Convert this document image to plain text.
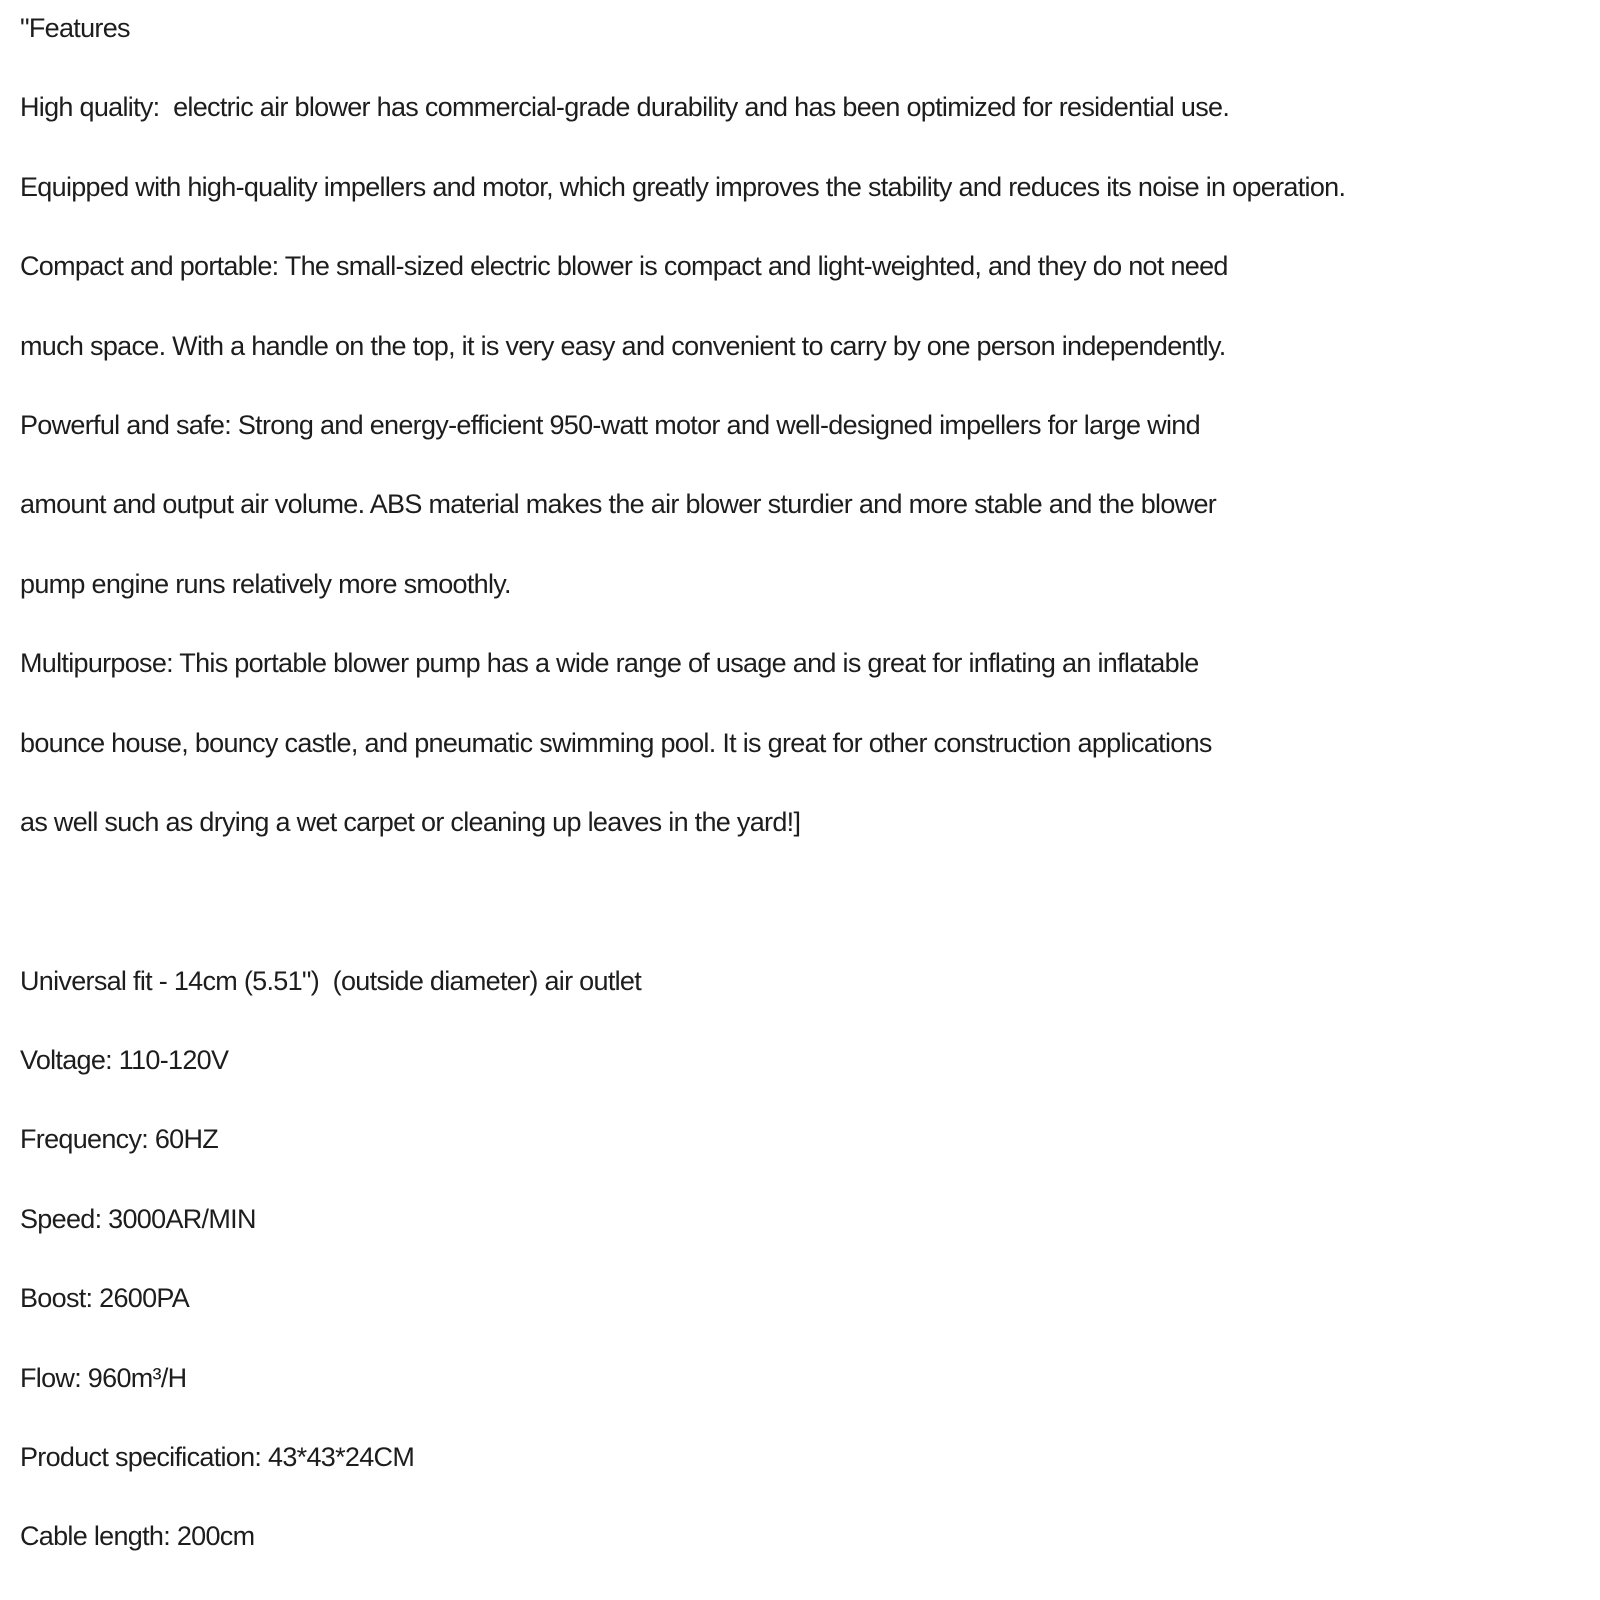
"Features

High quality:  electric air blower has commercial-grade durability and has been optimized for residential use.

Equipped with high-quality impellers and motor, which greatly improves the stability and reduces its noise in operation.

Compact and portable: The small-sized electric blower is compact and light-weighted, and they do not need

much space. With a handle on the top, it is very easy and convenient to carry by one person independently.

Powerful and safe: Strong and energy-efficient 950-watt motor and well-designed impellers for large wind

amount and output air volume. ABS material makes the air blower sturdier and more stable and the blower

pump engine runs relatively more smoothly.

Multipurpose: This portable blower pump has a wide range of usage and is great for inflating an inflatable

bounce house, bouncy castle, and pneumatic swimming pool. It is great for other construction applications

as well such as drying a wet carpet or cleaning up leaves in the yard!]

Universal fit - 14cm (5.51")  (outside diameter) air outlet

Voltage: 110-120V

Frequency: 60HZ

Speed: 3000AR/MIN

Boost: 2600PA

Flow: 960m³/H

Product specification: 43*43*24CM

Cable length: 200cm
